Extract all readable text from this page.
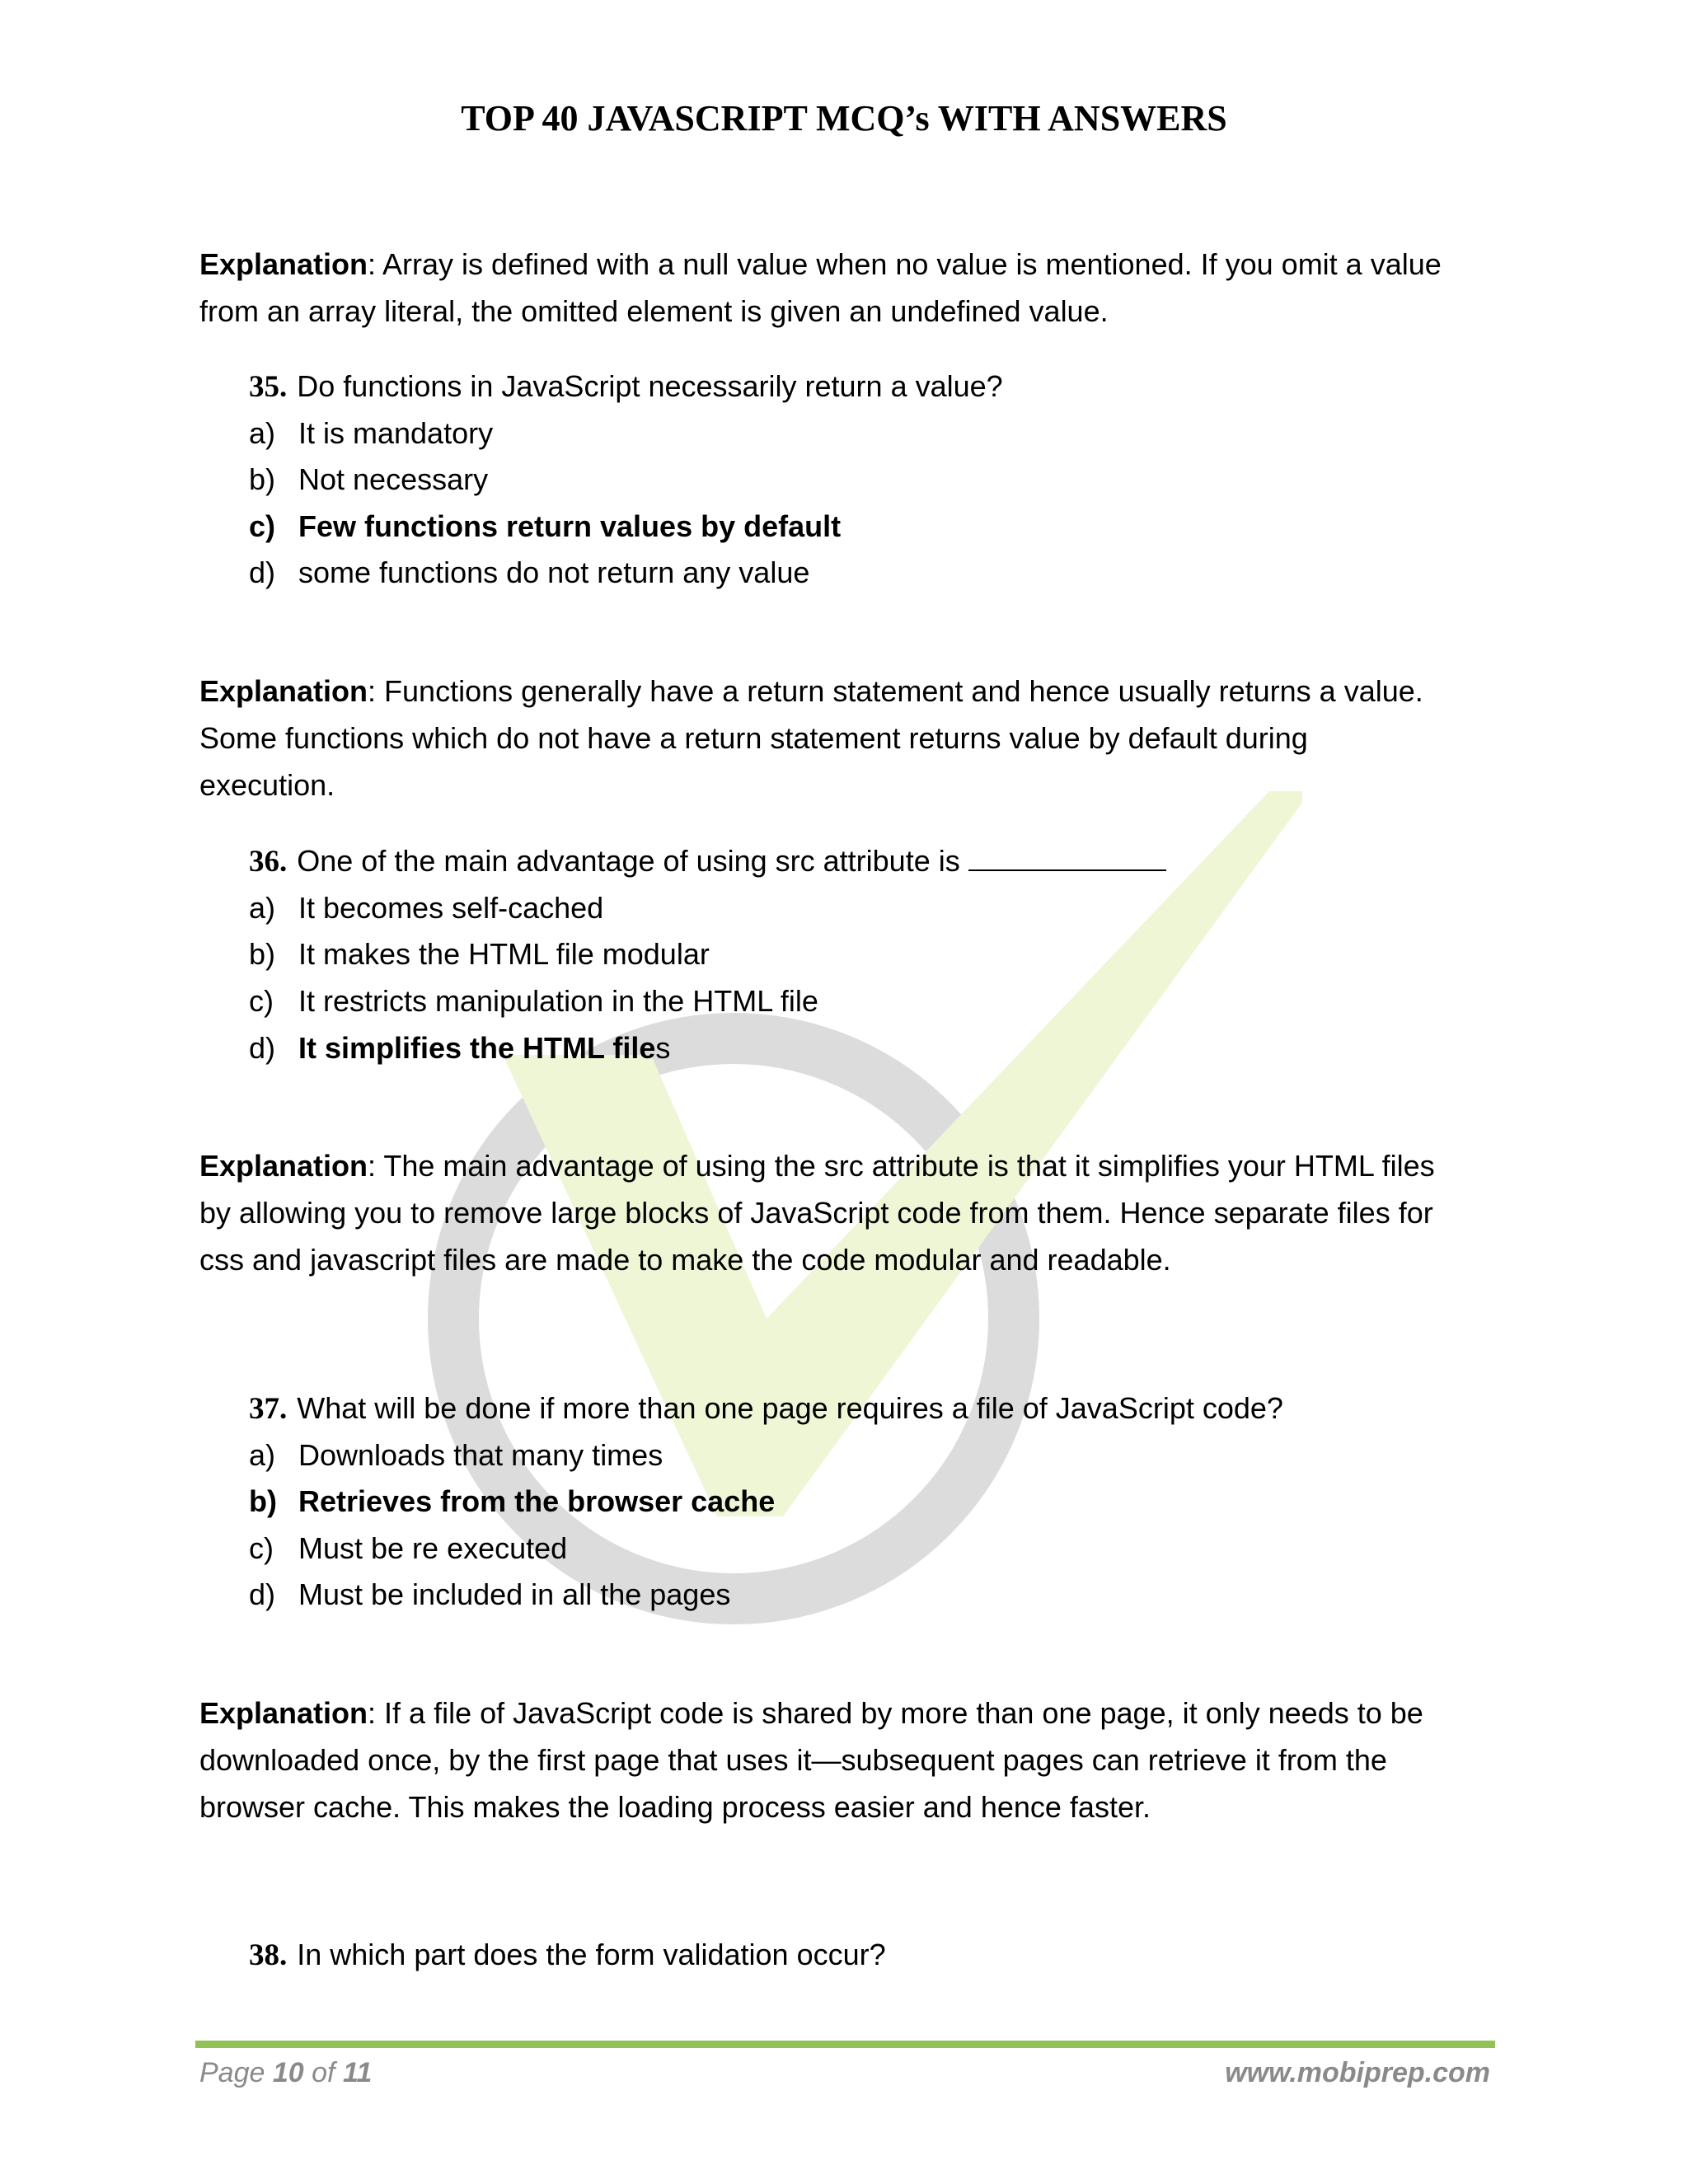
TOP 40 JAVASCRIPT MCQ’s WITH ANSWERS
Explanation: Array is defined with a null value when no value is mentioned. If you omit a value
from an array literal, the omitted element is given an undefined value.
35. Do functions in JavaScript necessarily return a value?
a) It is mandatory
b) Not necessary
c) Few functions return values by default
d) some functions do not return any value
Explanation: Functions generally have a return statement and hence usually returns a value.
Some functions which do not have a return statement returns value by default during
execution.
36. One of the main advantage of using src attribute is
a) It becomes self-cached
b) It makes the HTML file modular
c) It restricts manipulation in the HTML file
d) It simplifies the HTML files
Explanation: The main advantage of using the src attribute is that it simplifies your HTML files
by allowing you to remove large blocks of JavaScript code from them. Hence separate files for
css and javascript files are made to make the code modular and readable.
37. What will be done if more than one page requires a file of JavaScript code?
a) Downloads that many times
b) Retrieves from the browser cache
c) Must be re executed
d) Must be included in all the pages
Explanation: If a file of JavaScript code is shared by more than one page, it only needs to be
downloaded once, by the first page that uses it—subsequent pages can retrieve it from the
browser cache. This makes the loading process easier and hence faster.
38. In which part does the form validation occur?
Page 10 of 11	www.mobiprep.com
